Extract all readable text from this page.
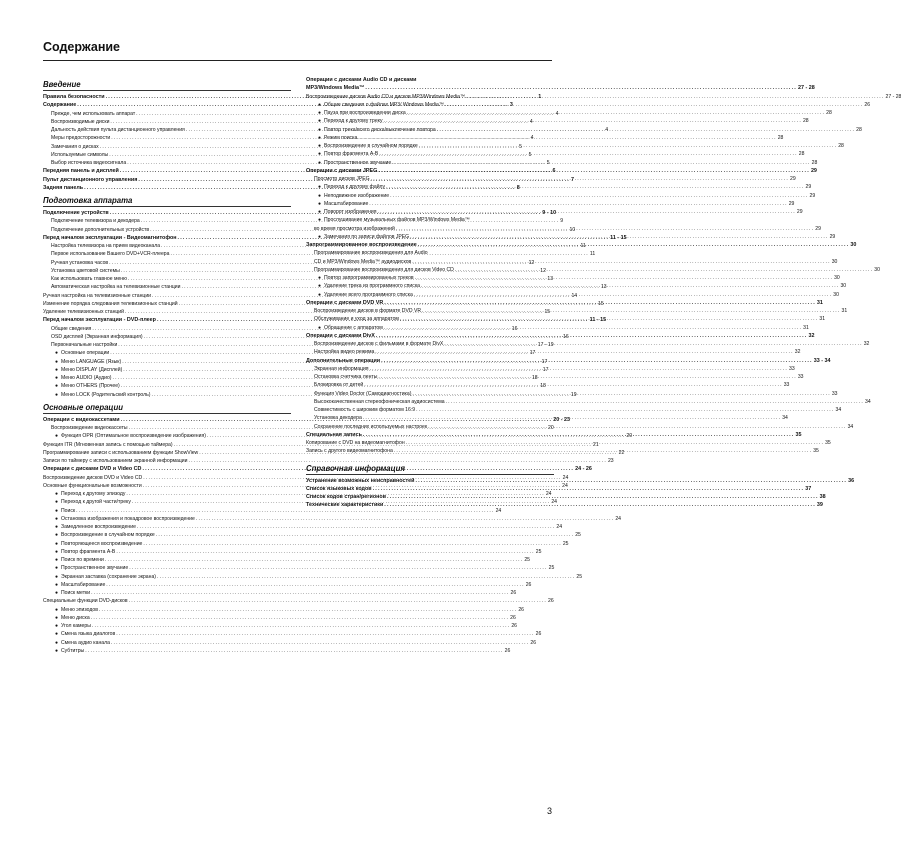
Содержание
Введение
Правила безопасности .....	1
Содержание .....	3
Прежде, чем использовать аппарат .....	4
Воспроизводимые диски .....	4
Дальность действия пульта дистанционного управления .....	4
Меры предосторожности .....	4
Замечания о дисках .....	5
Используемые символы .....	5
Выбор источника видеосигнала .....	5
Передняя панель и дисплей .....	6
Пульт дистанционного управления .....	7
Задняя панель .....	8
Подготовка аппарата
Подключение устройств .....	9 - 10
Подключение телевизора и декодера .....	9
Подключение дополнительных устройств .....	10
Перед началом эксплуатации - Видеомагнитофон .....	11 - 15
Настройка телевизора на прием видеоканала .....	11
Первое использование Вашего DVD+VCR-плеера .....	11
Ручная установка часов .....	12
Установка цветовой системы .....	12
Как использовать главное меню .....	13
Автоматическая настройка на телевизионные станции .....	13
Ручная настройка на телевизионные станции .....	14
Изменение порядка следования телевизионных станций .....	15
Удаление телевизионных станций .....	15
Перед началом эксплуатации - DVD-плеер .....	11 - 15
Общие сведения .....	16
OSD дисплей (Экранная информация) .....	16
Первоначальные настройки .....	17 - 19
● Основные операции .....	17
● Меню LANGUAGE (Язык) .....	17
● Меню DISPLAY (Дисплей) .....	17
● Меню AUDIO (Аудио) .....	18
● Меню OTHERS (Прочее) .....	18
● Меню LOCK (Родительский контроль) .....	19
Основные операции
Операции с видеокассетами .....	20 - 23
Воспроизведение видеокассеты .....	20
● Функция OPR (Оптимальное воспроизведение изображения) .....	20
Функция ITR (Мгновенная запись с помощью таймера) .....	21
Программирование записи с использованием функции ShowView .....	22
Записи по таймеру с использованием экранной информации .....	23
Операции с дисками DVD и Video CD .....	24 - 26
Воспроизведение дисков DVD и Video CD .....	24
Основные функциональные возможности .....	24
● Переход к другому эпизоду .....	24
● Переход к другой части/треку .....	24
● Поиск .....	24
● Остановка изображения и покадровое воспроизведение .....	24
● Замедленное воспроизведение .....	24
● Воспроизведение в случайном порядке .....	25
● Повторяющееся воспроизведение .....	25
● Повтор фрагмента A-B .....	25
● Поиск по времени .....	25
● Пространственное звучание .....	25
● Экранная заставка (сохранение экрана) .....	25
● Масштабирование .....	26
● Поиск метки .....	26
Специальные функции DVD-дисков .....	26
● Меню эпизодов .....	26
● Меню диска .....	26
● Угол камеры .....	26
● Смена языка диалогов .....	26
● Смена аудио канала .....	26
● Субтитры .....	26
Операции с дисками Audio CD и дисками
MP3/Windows Media™ .....	27 - 28
Воспроизведение дисков Audio CD и дисков MP3/Windows Media™ .....	27 - 28
● Общие сведения о файлах MP3/ Windows Media™ .....	26
● Пауза при воспроизведении диска .....	28
● Переход к другому треку .....	28
● Повтор трека/всего диска/выключение повтора .....	28
● Режим поиска .....	28
● Воспроизведение в случайном порядке .....	28
● Повтор фрагмента A-B .....	28
● Пространственное звучание .....	28
Операции с дисками JPEG .....	29
Просмотр дисков JPEG .....	29
● Переход к другому файлу .....	29
● Неподвижное изображение .....	29
● Масштабирование .....	29
● Поворот изображения .....	29
● Прослушивание музыкальных файлов MP3/Windows Media™
во время просмотра изображений .....	29
● Замечания по записи файлов JPEG .....	29
Запрограммированное воспроизведение .....	30
Программирование воспроизведения для Audio
CD и MP3/Windows Media™ аудиодисков .....	30
Программирование воспроизведения для дисков Video CD .....	30
● Повтор запрограммированных треков .....	30
● Удаление трека из программного списка .....	30
● Удаление всего программного списка .....	30
Операции с дисками DVD VR .....	31
Воспроизведение дисков в формате DVD VR .....	31
Обслуживание и уход за аппаратом .....	31
● Обращение с аппаратом .....	31
Операции с дисками DivX .....	32
Воспроизведение дисков с фильмами в формате DivX .....	32
Настройка видео режима .....	32
Дополнительные операции .....	33 - 34
Экранная информация .....	33
Остановка счетчика ленты .....	33
Блокировка от детей .....	33
Функция Video Doctor (Самодиагностика) .....	33
Высококачественная стереофоническая аудиосистема .....	34
Совместимость с широким форматом 16:9 .....	34
Установка декодера .....	34
Сохранение последних используемых настроек .....	34
Специальная запись .....	35
Копирование с DVD на видеомагнитофон .....	35
Запись с другого видеомагнитофона .....	35
Справочная информация
Устранение возможных неисправностей .....	36
Список языковых кодов .....	37
Список кодов стран/регионов .....	38
Технические характеристики .....	39
3
